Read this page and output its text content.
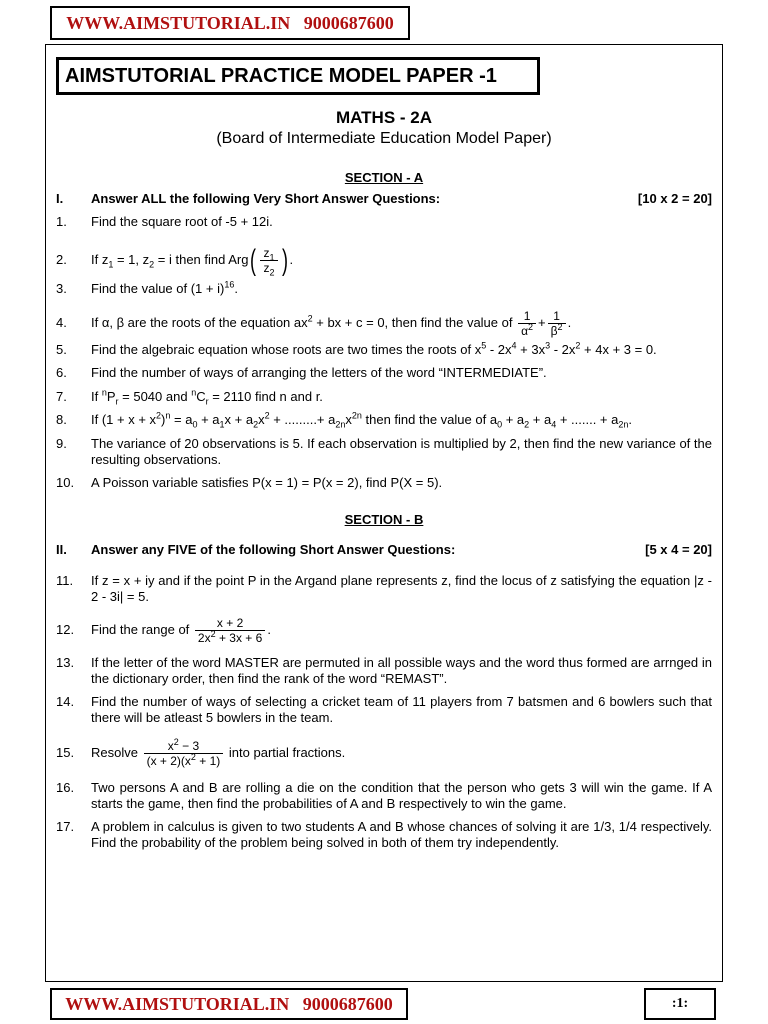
WWW.AIMSTUTORIAL.IN 9000687600
AIMSTUTORIAL PRACTICE MODEL PAPER -1
MATHS - 2A
(Board of Intermediate Education Model Paper)
SECTION - A
I. Answer ALL the following Very Short Answer Questions:	[10 x 2 = 20]
1. Find the square root of -5 + 12i.
2. If $z_1 = 1$, $z_2 = i$ then find $Arg( \frac{z_1}{z_2}$ ) .
3. Find the value of $(1 + i)^{16}$.
4. If α, β are the roots of the equation $ax^2$ + bx + c = 0, then find the value of $\frac{1}{\alpha^2} + \frac{1}{\beta^2}$ .
5. Find the algebraic equation whose roots are two times the roots of $x^5 - 2x^4 + 3x^3 - 2x^2 + 4x + 3 = 0$.
6. Find the number of ways of arranging the letters of the word “INTERMEDIATE”.
7. If $^nP_r = 5040$ and $^nC_r = 2110$ find n and r.
8. If $(1 + x + x^2)^n = a_0 + a_1x + a_2x^2$ + .........+ $a_{2n}x^{2n}$ then find the value of $a_0 + a_2 + a_4$ + ....... + $a_{2n}$.
9. The variance of 20 observations is 5. If each observation is multiplied by 2, then find the new variance of the resulting observations.
10. A Poisson variable satisfies P(x = 1) = P(x = 2), find P(X = 5).
SECTION - B
II. Answer any FIVE of the following Short Answer Questions:	[5 x 4 = 20]
11. If z = x + iy and if the point P in the Argand plane represents z, find the locus of z satisfying the equation |z - 2 - 3i| = 5.
12. Find the range of $\frac{x + 2}{2x^2 + 3x + 6}$ .
13. If the letter of the word MASTER are permuted in all possible ways and the word thus formed are arrnged in the dictionary order, then find the rank of the word “REMAST”.
14. Find the number of ways of selecting a cricket team of 11 players from 7 batsmen and 6 bowlers such that there will be atleast 5 bowlers in the team.
15. Resolve $\frac{x^2 - 3}{(x + 2)(x^2 + 1)}$ into partial fractions.
16. Two persons A and B are rolling a die on the condition that the person who gets 3 will win the game. If A starts the game, then find the probabilities of A and B respectively to win the game.
17. A problem in calculus is given to two students A and B whose chances of solving it are 1/3, 1/4 respectively. Find the probability of the problem being solved in both of them try independently.
WWW.AIMSTUTORIAL.IN 9000687600	:1:
